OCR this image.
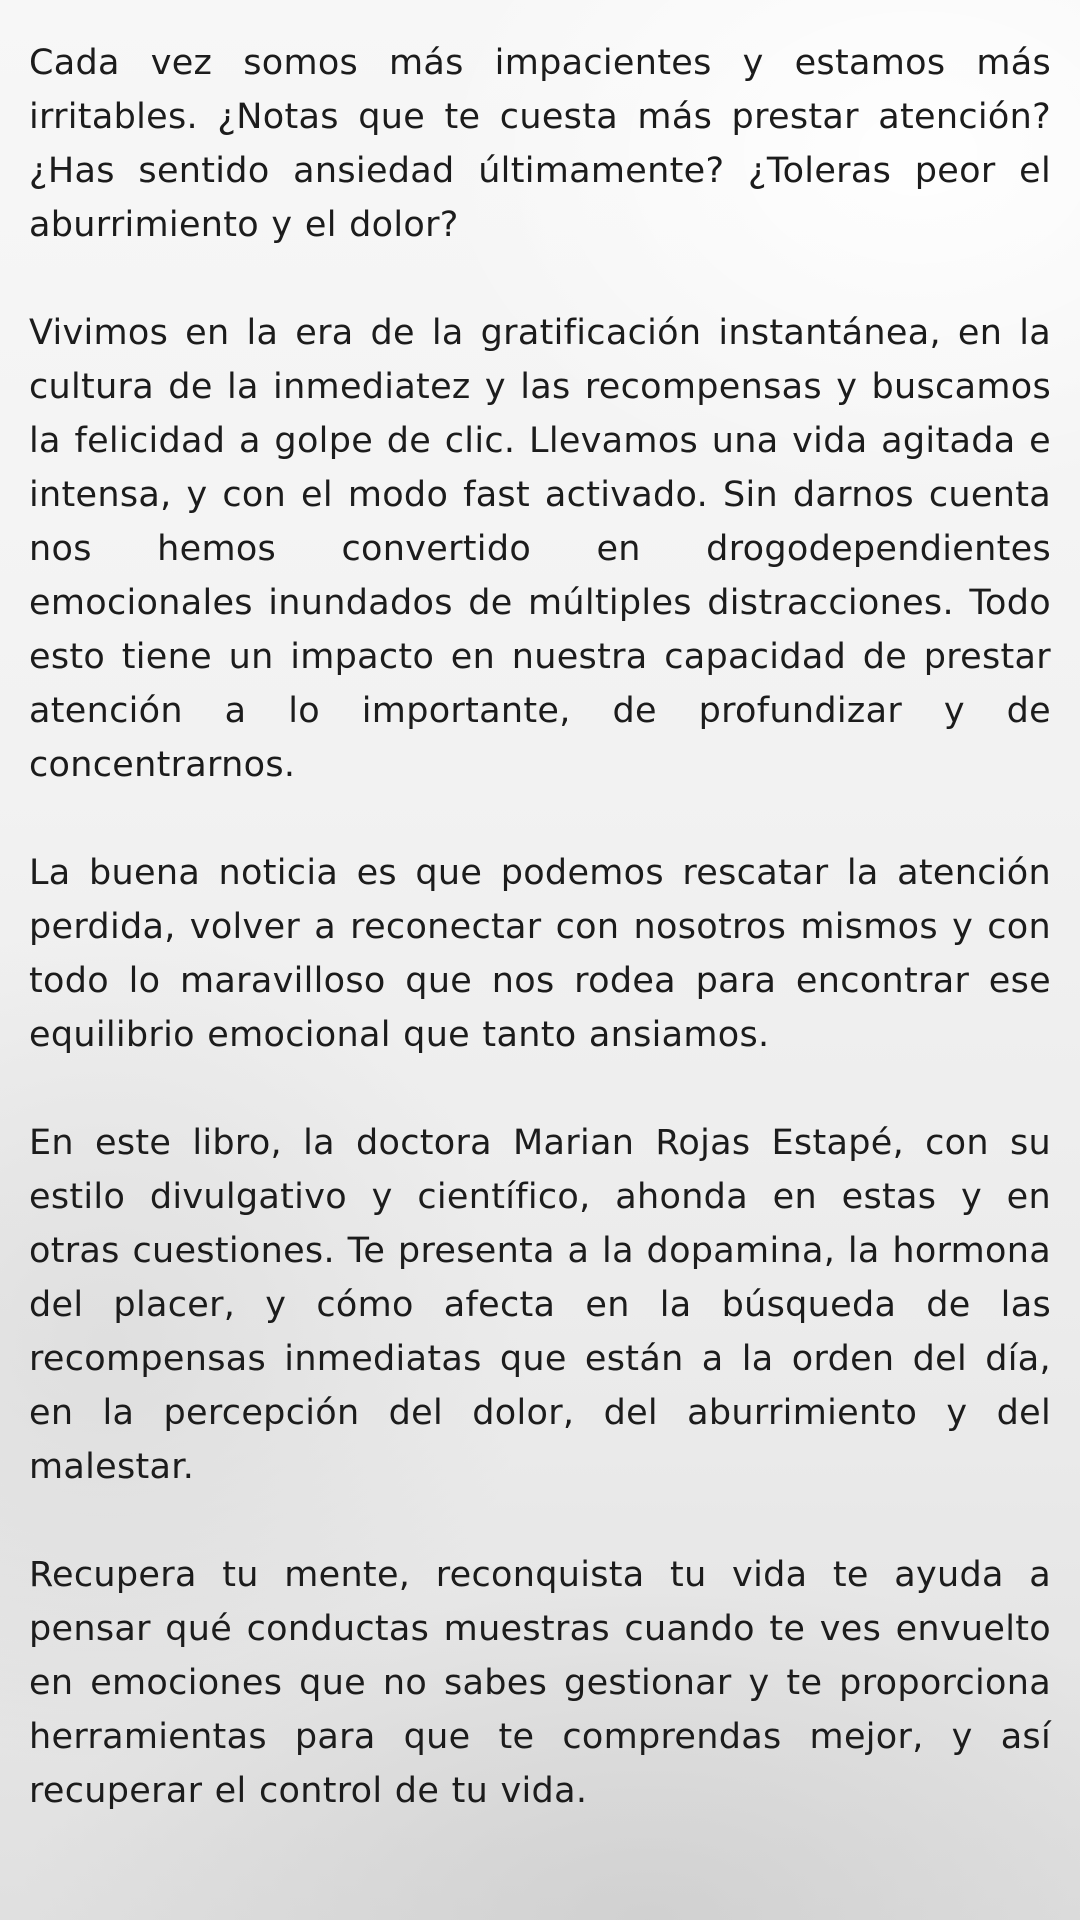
Cada vez somos más impacientes y estamos más irritables. ¿Notas que te cuesta más prestar atención? ¿Has sentido ansiedad últimamente? ¿Toleras peor el aburrimiento y el dolor?

Vivimos en la era de la gratificación instantánea, en la cultura de la inmediatez y las recompensas y buscamos la felicidad a golpe de clic. Llevamos una vida agitada e intensa, y con el modo fast activado. Sin darnos cuenta nos hemos convertido en drogodependientes emocionales inundados de múltiples distracciones. Todo esto tiene un impacto en nuestra capacidad de prestar atención a lo importante, de profundizar y de concentrarnos.

La buena noticia es que podemos rescatar la atención perdida, volver a reconectar con nosotros mismos y con todo lo maravilloso que nos rodea para encontrar ese equilibrio emocional que tanto ansiamos.

En este libro, la doctora Marian Rojas Estapé, con su estilo divulgativo y científico, ahonda en estas y en otras cuestiones. Te presenta a la dopamina, la hormona del placer, y cómo afecta en la búsqueda de las recompensas inmediatas que están a la orden del día, en la percepción del dolor, del aburrimiento y del malestar.

Recupera tu mente, reconquista tu vida te ayuda a pensar qué conductas muestras cuando te ves envuelto en emociones que no sabes gestionar y te proporciona herramientas para que te comprendas mejor, y así recuperar el control de tu vida.
